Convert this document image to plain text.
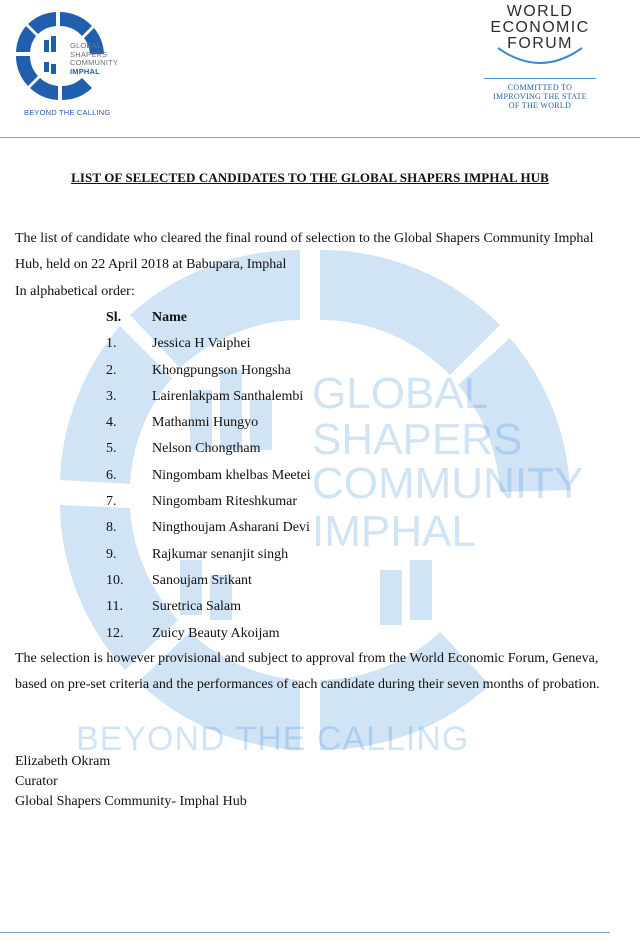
GLOBAL
SHAPERS
COMMUNITY
IMPHAL
BEYOND THE CALLING
GLOBAL
SHAPERS
COMMUNITY
IMPHAL
BEYOND THE CALLING
WORLD
ECONOMIC
FORUM
COMMITTED TO
IMPROVING THE STATE
OF THE WORLD
LIST OF SELECTED CANDIDATES TO THE GLOBAL SHAPERS IMPHAL HUB
The list of candidate who cleared the final round of selection to the Global Shapers Community Imphal Hub, held on 22 April 2018 at Babupara, Imphal
In alphabetical order:
Sl. Name
1.	Jessica H Vaiphei
2.	Khongpungson Hongsha
3.	Lairenlakpam Santhalembi
4.	Mathanmi Hungyo
5.	Nelson Chongtham
6.	Ningombam khelbas Meetei
7.	Ningombam Riteshkumar
8.	Ningthoujam Asharani Devi
9.	Rajkumar senanjit singh
10. Sanoujam Srikant
11. Suretrica Salam
12. Zuicy Beauty Akoijam
The selection is however provisional and subject to approval from the World Economic Forum, Geneva, based on pre-set criteria and the performances of each candidate during their seven months of probation.
Elizabeth Okram
Curator
Global Shapers Community- Imphal Hub
